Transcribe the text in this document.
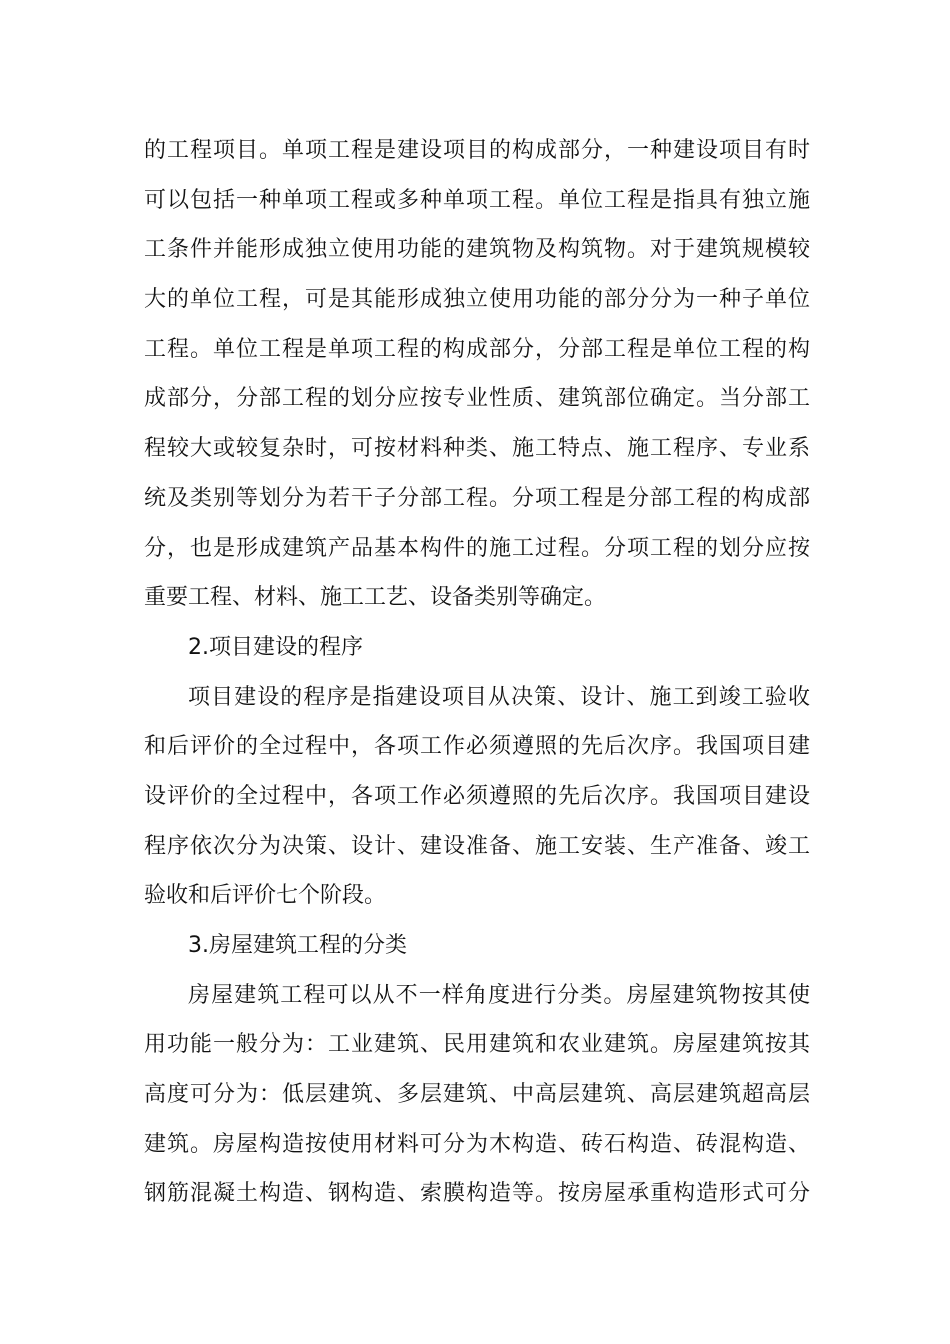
的工程项目。单项工程是建设项目的构成部分，一种建设项目有时
可以包括一种单项工程或多种单项工程。单位工程是指具有独立施
工条件并能形成独立使用功能的建筑物及构筑物。对于建筑规模较
大的单位工程，可是其能形成独立使用功能的部分分为一种子单位
工程。单位工程是单项工程的构成部分，分部工程是单位工程的构
成部分，分部工程的划分应按专业性质、建筑部位确定。当分部工
程较大或较复杂时，可按材料种类、施工特点、施工程序、专业系
统及类别等划分为若干子分部工程。分项工程是分部工程的构成部
分，也是形成建筑产品基本构件的施工过程。分项工程的划分应按
重要工程、材料、施工工艺、设备类别等确定。
2.项目建设的程序
项目建设的程序是指建设项目从决策、设计、施工到竣工验收
和后评价的全过程中，各项工作必须遵照的先后次序。我国项目建
设评价的全过程中，各项工作必须遵照的先后次序。我国项目建设
程序依次分为决策、设计、建设准备、施工安装、生产准备、竣工
验收和后评价七个阶段。
3.房屋建筑工程的分类
房屋建筑工程可以从不一样角度进行分类。房屋建筑物按其使
用功能一般分为：工业建筑、民用建筑和农业建筑。房屋建筑按其
高度可分为：低层建筑、多层建筑、中高层建筑、高层建筑超高层
建筑。房屋构造按使用材料可分为木构造、砖石构造、砖混构造、
钢筋混凝土构造、钢构造、索膜构造等。按房屋承重构造形式可分
